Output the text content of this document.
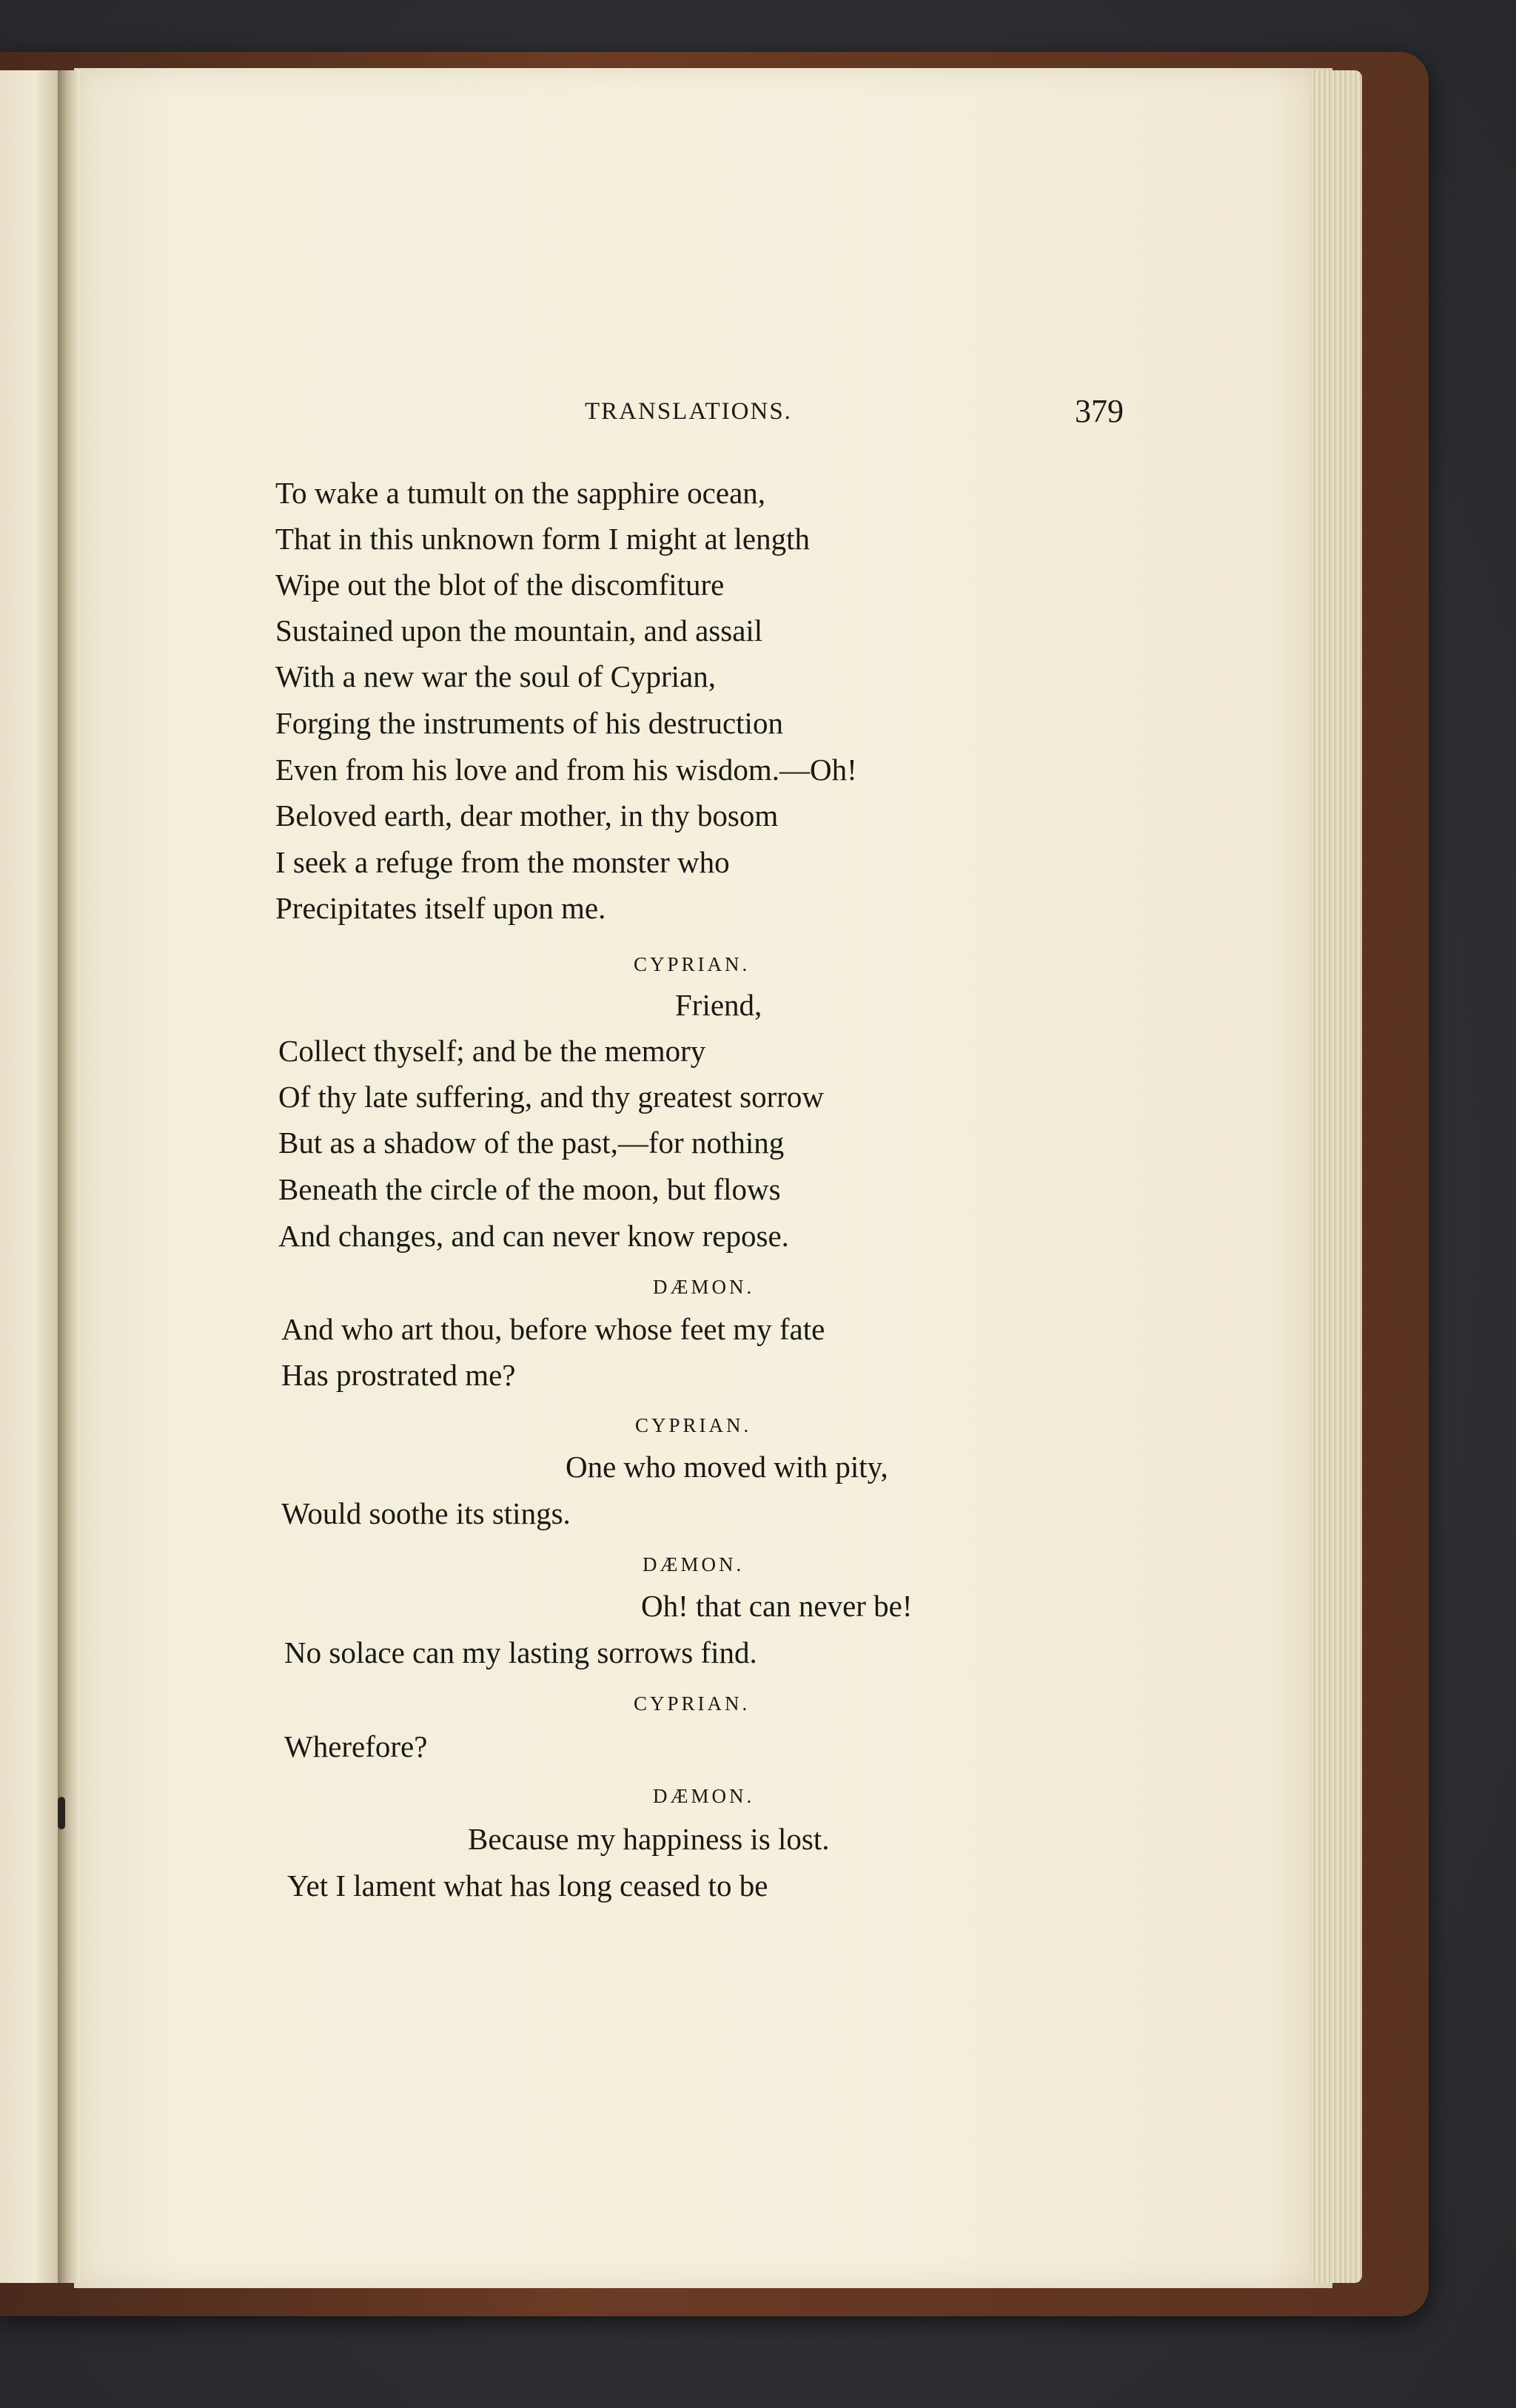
TRANSLATIONS.	379
To wake a tumult on the sapphire ocean,
That in this unknown form I might at length
Wipe out the blot of the discomfiture
Sustained upon the mountain, and assail
With a new war the soul of Cyprian,
Forging the instruments of his destruction
Even from his love and from his wisdom.—Oh!
Beloved earth, dear mother, in thy bosom
I seek a refuge from the monster who
Precipitates itself upon me.
CYPRIAN.
Friend,
Collect thyself; and be the memory
Of thy late suffering, and thy greatest sorrow
But as a shadow of the past,—for nothing
Beneath the circle of the moon, but flows
And changes, and can never know repose.
DÆMON.
And who art thou, before whose feet my fate
Has prostrated me?
CYPRIAN.
One who moved with pity,
Would soothe its stings.
DÆMON.
Oh! that can never be!
No solace can my lasting sorrows find.
CYPRIAN.
Wherefore?
DÆMON.
Because my happiness is lost.
Yet I lament what has long ceased to be
